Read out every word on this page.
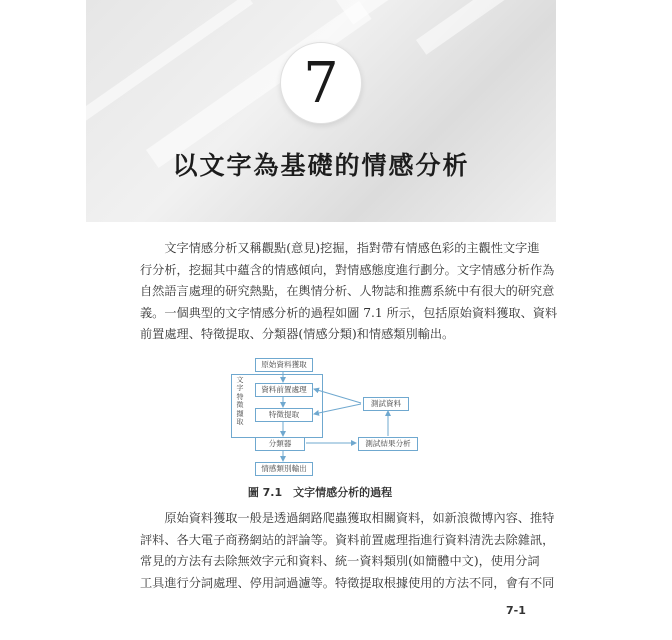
7
以文字為基礎的情感分析
　　文字情感分析又稱觀點(意見)挖掘，指對帶有情感色彩的主觀性文字進
行分析，挖掘其中蘊含的情感傾向，對情感態度進行劃分。文字情感分析作為
自然語言處理的研究熱點，在輿情分析、人物誌和推薦系統中有很大的研究意
義。一個典型的文字情感分析的過程如圖 7.1 所示，包括原始資料獲取、資料
前置處理、特徵提取、分類器(情感分類)和情感類別輸出。
文字特徵擷取
原始資料獲取
資料前置處理
特徵提取
分類器
情感類別輸出
測試資料
測試結果分析
圖 7.1　文字情感分析的過程
　　原始資料獲取一般是透過網路爬蟲獲取相關資料，如新浪微博內容、推特
評料、各大電子商務網站的評論等。資料前置處理指進行資料清洗去除雜訊，
常見的方法有去除無效字元和資料、統一資料類別(如簡體中文)，使用分詞
工具進行分詞處理、停用詞過濾等。特徵提取根據使用的方法不同，會有不同
7-1
